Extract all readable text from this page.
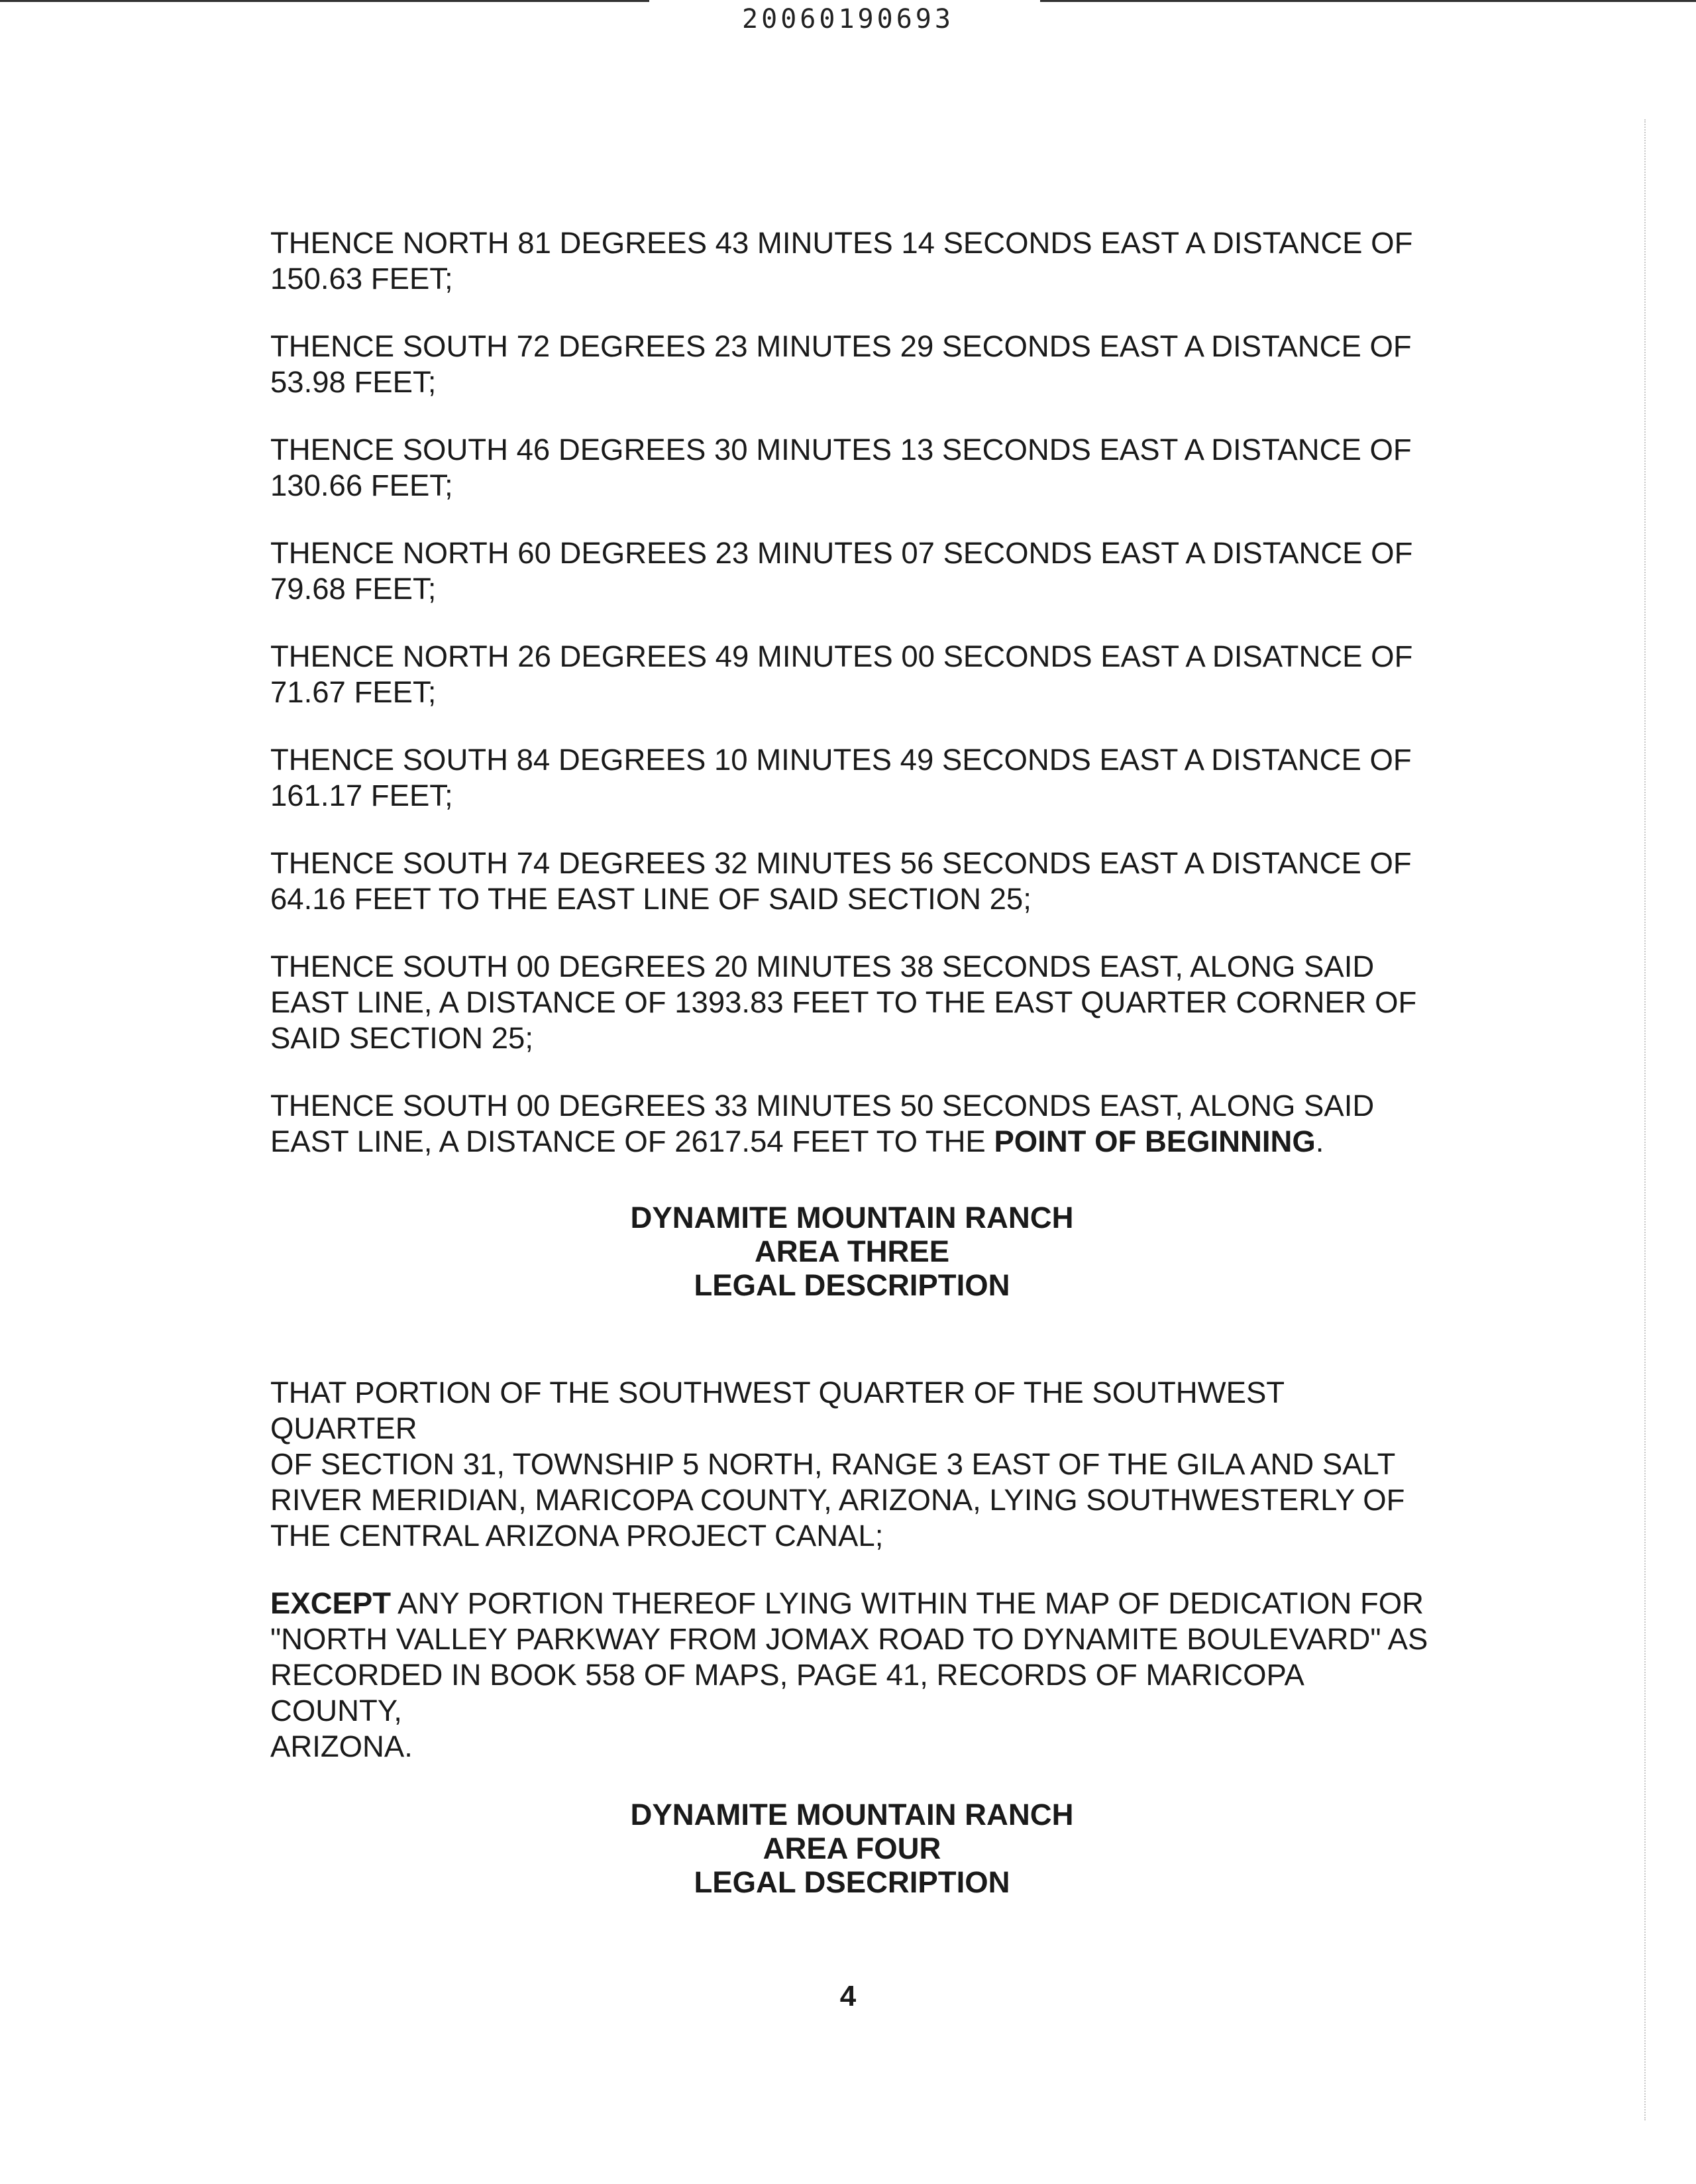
20060190693

THENCE NORTH 81 DEGREES 43 MINUTES 14 SECONDS EAST A DISTANCE OF
150.63 FEET;

THENCE SOUTH 72 DEGREES 23 MINUTES 29 SECONDS EAST A DISTANCE OF
53.98 FEET;

THENCE SOUTH 46 DEGREES 30 MINUTES 13 SECONDS EAST A DISTANCE OF
130.66 FEET;

THENCE NORTH 60 DEGREES 23 MINUTES 07 SECONDS EAST A DISTANCE OF
79.68 FEET;

THENCE NORTH 26 DEGREES 49 MINUTES 00 SECONDS EAST A DISATNCE OF
71.67 FEET;

THENCE SOUTH 84 DEGREES 10 MINUTES 49 SECONDS EAST A DISTANCE OF
161.17 FEET;

THENCE SOUTH 74 DEGREES 32 MINUTES 56 SECONDS EAST A DISTANCE OF
64.16 FEET TO THE EAST LINE OF SAID SECTION 25;

THENCE SOUTH 00 DEGREES 20 MINUTES 38 SECONDS EAST, ALONG SAID
EAST LINE, A DISTANCE OF 1393.83 FEET TO THE EAST QUARTER CORNER OF
SAID SECTION 25;

THENCE SOUTH 00 DEGREES 33 MINUTES 50 SECONDS EAST, ALONG SAID
EAST LINE, A DISTANCE OF 2617.54 FEET TO THE POINT OF BEGINNING.

DYNAMITE MOUNTAIN RANCH
AREA THREE
LEGAL DESCRIPTION

THAT PORTION OF THE SOUTHWEST QUARTER OF THE SOUTHWEST QUARTER
OF SECTION 31, TOWNSHIP 5 NORTH, RANGE 3 EAST OF THE GILA AND SALT
RIVER MERIDIAN, MARICOPA COUNTY, ARIZONA, LYING SOUTHWESTERLY OF
THE CENTRAL ARIZONA PROJECT CANAL;

EXCEPT ANY PORTION THEREOF LYING WITHIN THE MAP OF DEDICATION FOR
"NORTH VALLEY PARKWAY FROM JOMAX ROAD TO DYNAMITE BOULEVARD" AS
RECORDED IN BOOK 558 OF MAPS, PAGE 41, RECORDS OF MARICOPA COUNTY,
ARIZONA.

DYNAMITE MOUNTAIN RANCH
AREA FOUR
LEGAL DSECRIPTION
4
